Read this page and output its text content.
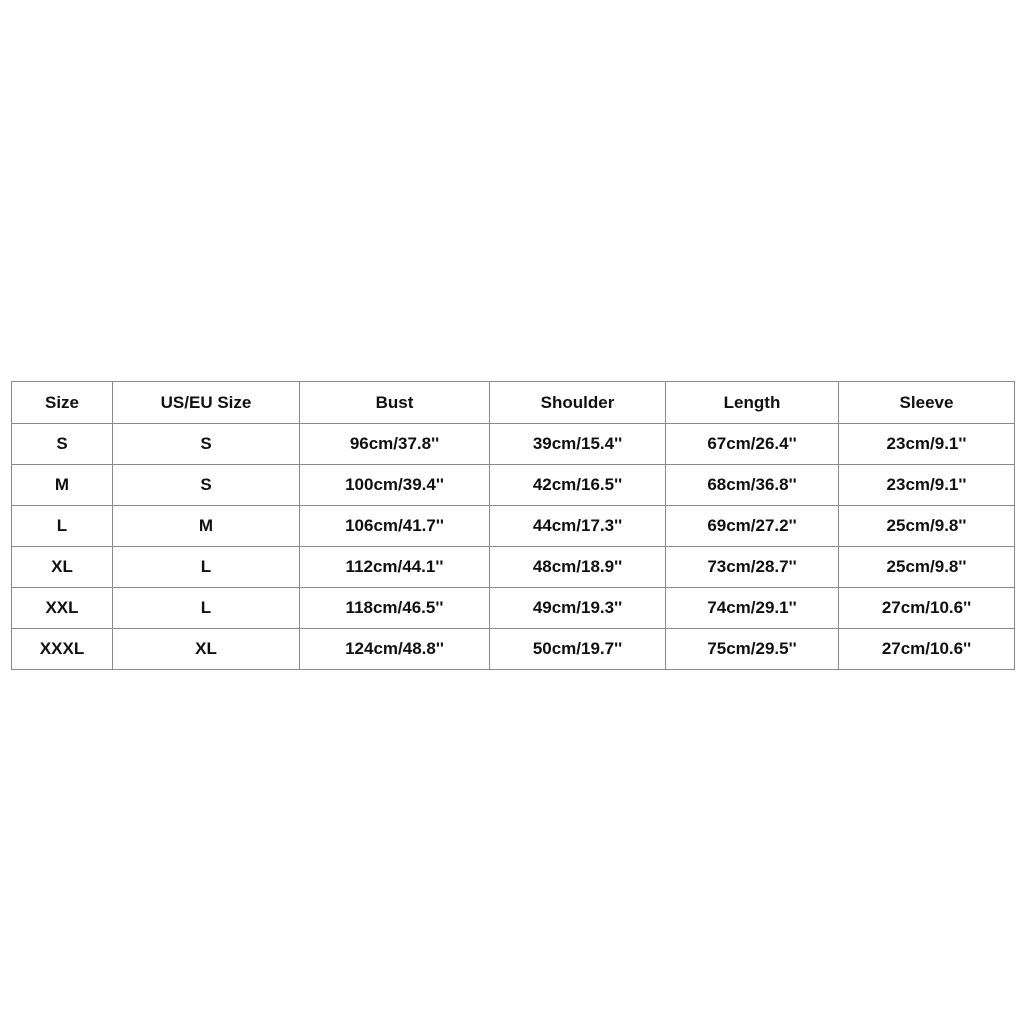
Size	US/EU Size	Bust	Shoulder	Length	Sleeve
S	S	96cm/37.8''	39cm/15.4''	67cm/26.4''	23cm/9.1''
M	S	100cm/39.4''	42cm/16.5''	68cm/36.8''	23cm/9.1''
L	M	106cm/41.7''	44cm/17.3''	69cm/27.2''	25cm/9.8''
XL	L	112cm/44.1''	48cm/18.9''	73cm/28.7''	25cm/9.8''
XXL	L	118cm/46.5''	49cm/19.3''	74cm/29.1''	27cm/10.6''
XXXL	XL	124cm/48.8''	50cm/19.7''	75cm/29.5''	27cm/10.6''
